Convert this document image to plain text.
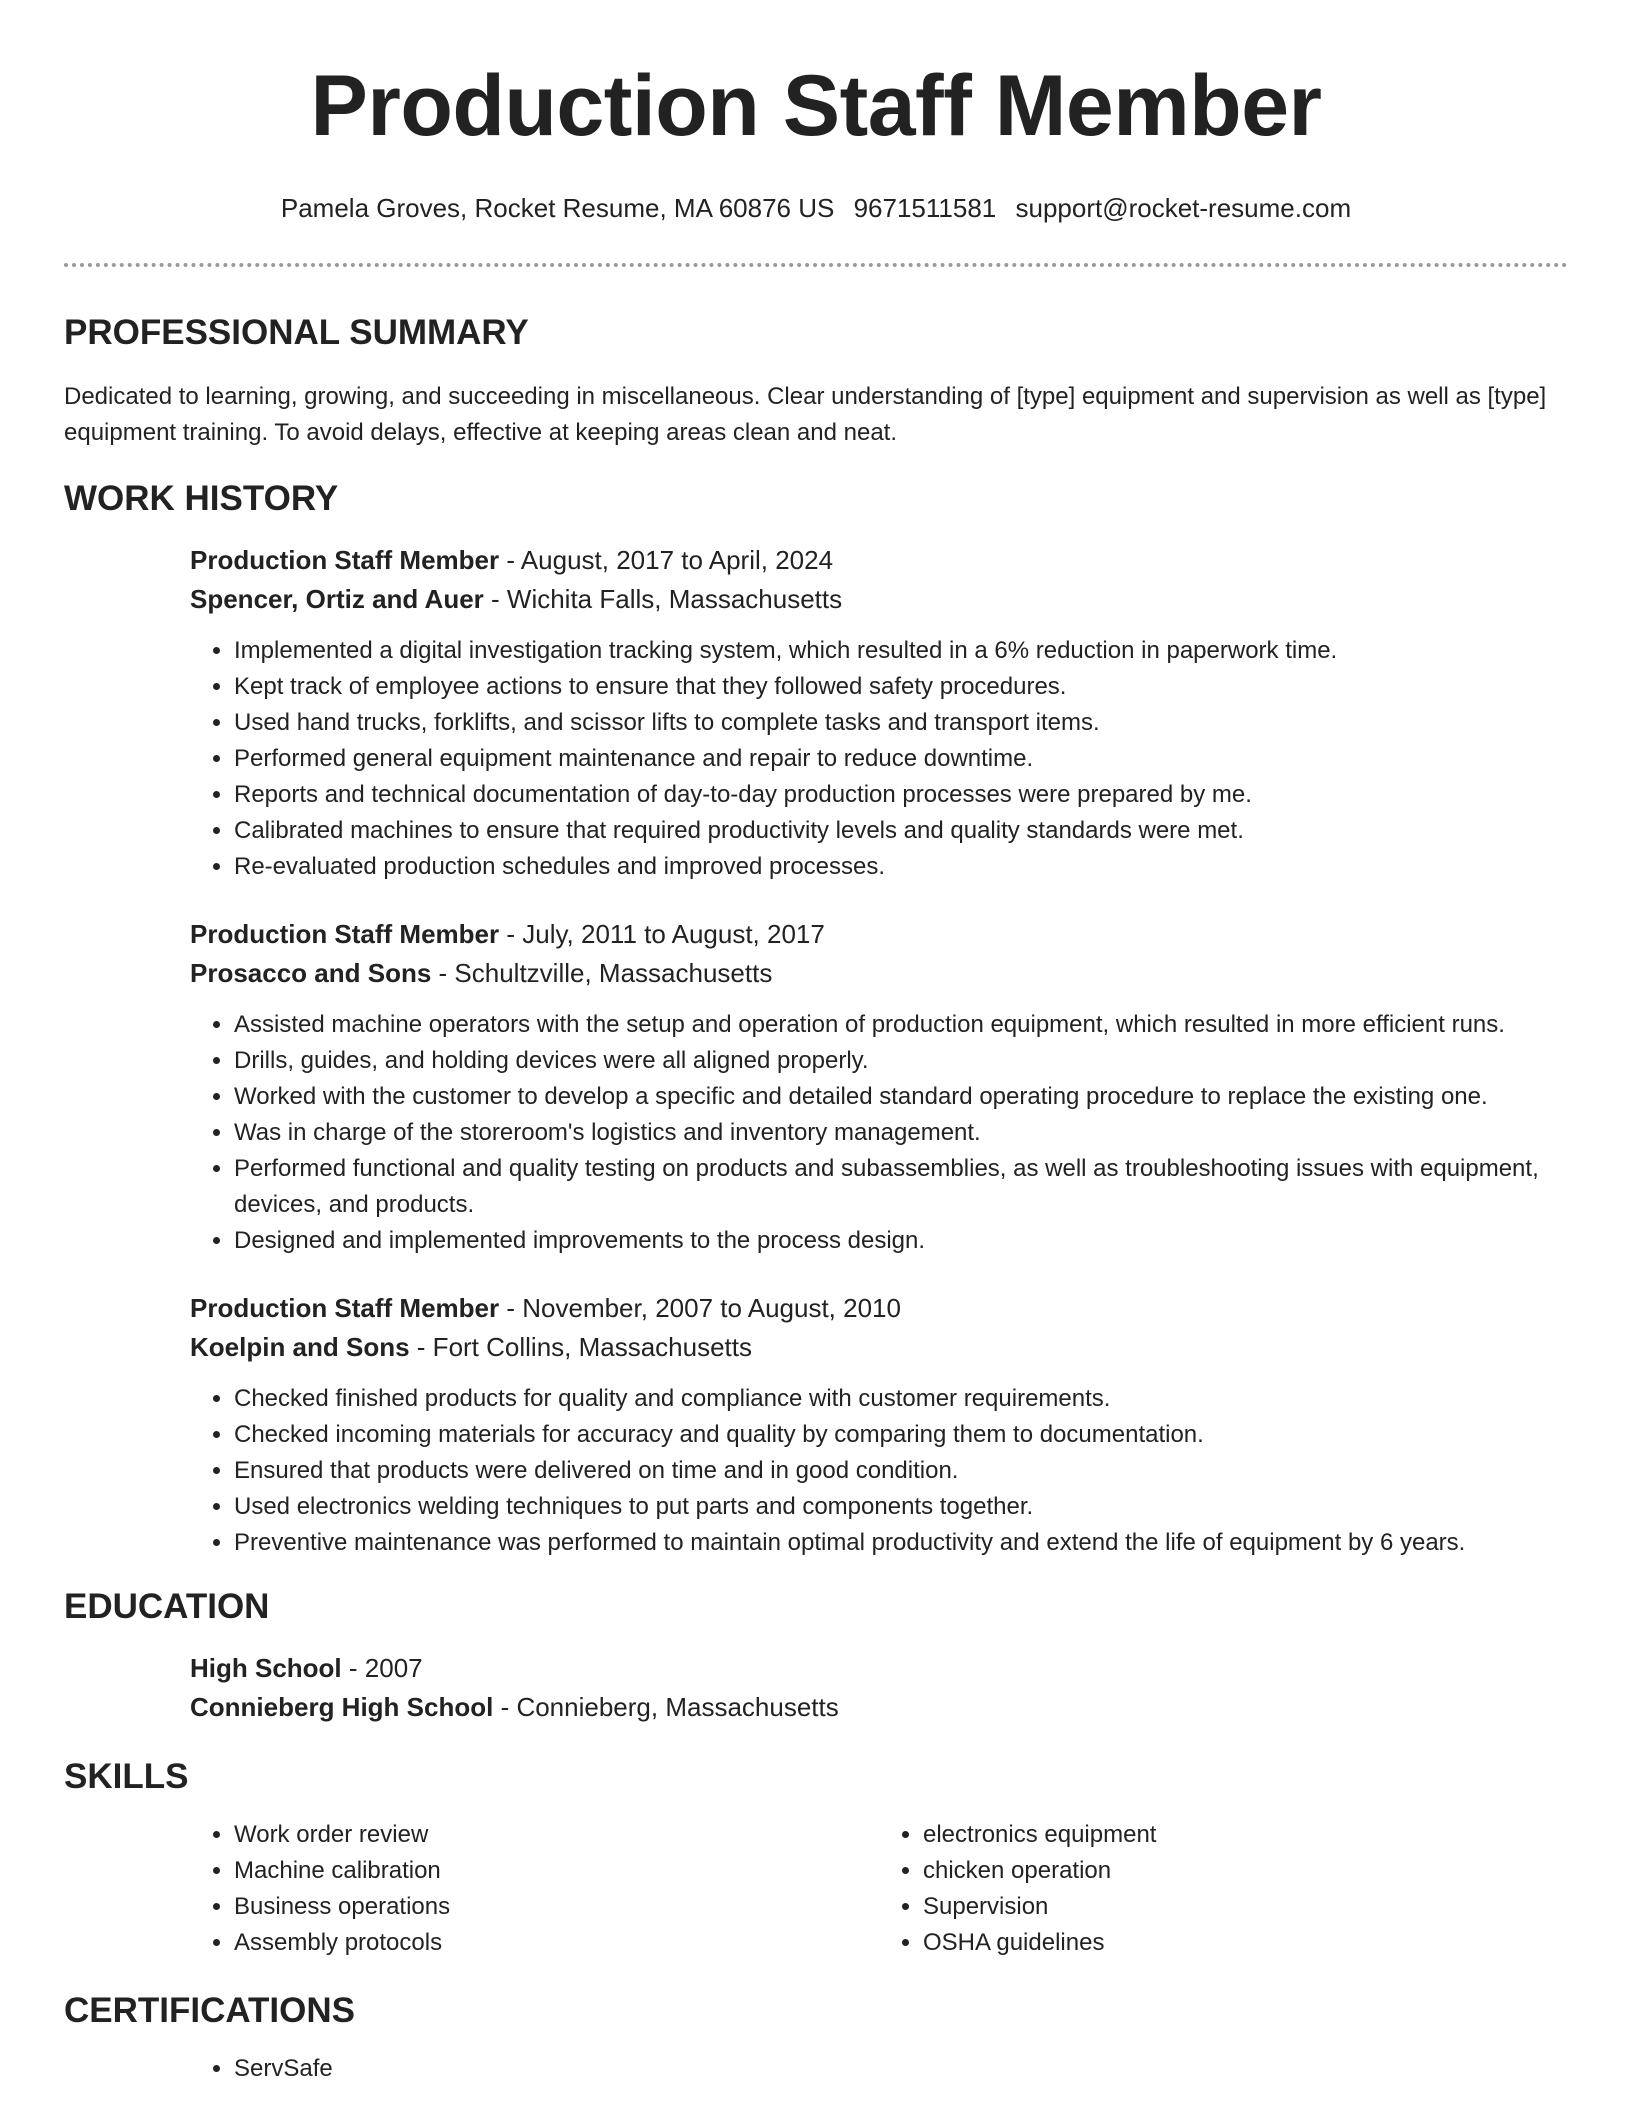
Production Staff Member
Pamela Groves, Rocket Resume, MA 60876 US 9671511581 support@rocket-resume.com
PROFESSIONAL SUMMARY

Dedicated to learning, growing, and succeeding in miscellaneous. Clear understanding of [type] equipment and supervision as well as [type] equipment training. To avoid delays, effective at keeping areas clean and neat.

WORK HISTORY
Production Staff Member - August, 2017 to April, 2024
Spencer, Ortiz and Auer - Wichita Falls, Massachusetts
• Implemented a digital investigation tracking system, which resulted in a 6% reduction in paperwork time.
• Kept track of employee actions to ensure that they followed safety procedures.
• Used hand trucks, forklifts, and scissor lifts to complete tasks and transport items.
• Performed general equipment maintenance and repair to reduce downtime.
• Reports and technical documentation of day-to-day production processes were prepared by me.
• Calibrated machines to ensure that required productivity levels and quality standards were met.
• Re-evaluated production schedules and improved processes.
Production Staff Member - July, 2011 to August, 2017
Prosacco and Sons - Schultzville, Massachusetts
• Assisted machine operators with the setup and operation of production equipment, which resulted in more efficient runs.
• Drills, guides, and holding devices were all aligned properly.
• Worked with the customer to develop a specific and detailed standard operating procedure to replace the existing one.
• Was in charge of the storeroom's logistics and inventory management.
• Performed functional and quality testing on products and subassemblies, as well as troubleshooting issues with equipment, devices, and products.
• Designed and implemented improvements to the process design.
Production Staff Member - November, 2007 to August, 2010
Koelpin and Sons - Fort Collins, Massachusetts
• Checked finished products for quality and compliance with customer requirements.
• Checked incoming materials for accuracy and quality by comparing them to documentation.
• Ensured that products were delivered on time and in good condition.
• Used electronics welding techniques to put parts and components together.
• Preventive maintenance was performed to maintain optimal productivity and extend the life of equipment by 6 years.
EDUCATION
High School - 2007
Connieberg High School - Connieberg, Massachusetts
SKILLS
• Work order review
• Machine calibration
• Business operations
• Assembly protocols
• electronics equipment
• chicken operation
• Supervision
• OSHA guidelines
CERTIFICATIONS
• ServSafe
